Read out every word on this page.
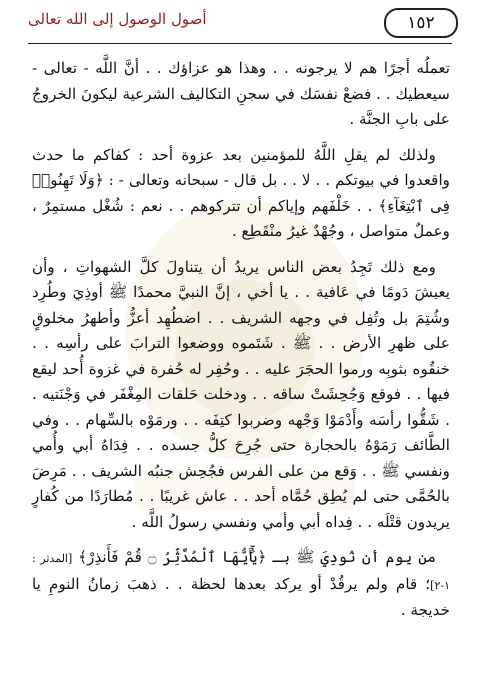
أصول الوصول إلى الله تعالى	١٥٢

تعملُه أجرًا هم لا يرجونه . . وهذا هو عزاؤك . . أنَّ اللَّه - تعالى - سيعطيك . . فضعْ نفسَك في سجنِ التكاليف الشرعية ليكونَ الخروجُ على بابِ الجنَّة .

ولذلك لم يقلِ اللَّهُ للمؤمنين بعد عزوة أحد : كفاكم ما حدث واقعدوا في بيوتكم . . لا . . بل قال - سبحانه وتعالى - : ﴿وَلَا تَهِنُوا۟ فِى ٱبْتِغَآءِ﴾ . . خَلْفَهم وإياكم أن تتركوهم . . نعم : شُغْل مستمِرٌ ، وعملٌ متواصل ، وجُهْدٌ غيرُ منْقَطِع .

ومع ذلك تَجِدُ بعض الناس يريدُ أن يتناولَ كلَّ الشهواتِ ، وأن يعيشَ دَومًا في عَافية . . يا أخي ، إنَّ النبيَّ محمدًا ﷺ أوذِيَ وطُرِد وشُتِمَ بل وتُفِل في وجهه الشريف . . اضطُهِد أعزُّ وأطهرُ مخلوقٍ على ظهرِ الأرض . . ﷺ . شَتَموه ووضعوا الترابَ على رأسِه . . خنقُوه بثوبِه ورموا الحجَرَ عليه . . وحُفِر له حُفرة في غزوة أُحد ليقع فيها . . فوقع وَجُحِشَتْ ساقه . . ودخلت حَلقات المِغْفَر في وَجْنَتيه . . شَقُّوا رأسَه وأَدْمَوْا وَجْهه وضربوا كتِفَه . . ورمَوْه بالسِّهام . . وفي الطَّائف رَمَوْهُ بالحجارة حتى جُرِحَ كلُّ جسده . . فِدَاهُ أبي وأُمي ونفسي ﷺ . . وَقع من على الفرس فجُحِش جنبُه الشريف . . مَرِضَ بالحُمَّى حتى لم يُطِق حُمَّاه أحد . . عاش غريبًا . . مُطارَدًا من كُفارٍ يريدون قتْلَه . . فِداه أبي وأمي ونفسي رسولُ اللَّه .

من يوم أن نُودِيَ ﷺ بـ ﴿يَٰٓأَيُّهَا ٱلْمُدَّثِّرُ ۝ قُمْ فَأَنذِرْ﴾ [المدثر : ١-٢]؛ قام ولم يرقُدْ أو يركد بعدها لحظة . . ذهبَ زمانُ النومِ يا خديجة .
